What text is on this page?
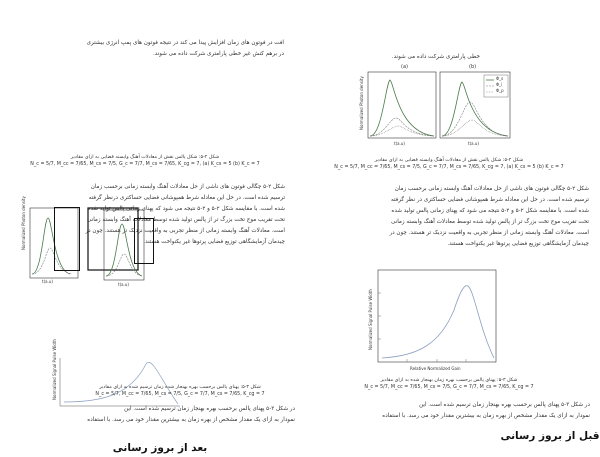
افت در فوتون های زمان افزایش پیدا می کند در نتیجه فوتون های پمپ انرژی بیشتری
در برهم کنش غیر خطی پارامتری شرکت داده می شوند.
شکل ۲-۵: شکل پالس نقش از معادلات آهنگ وابسته فضایی به ازای مقادیر
N_c = 5/7, M_cc = 7/65, M_cs = 7/5, G_c = 7/7, M_cs = 7/65, K_cg = 7, (a) K_cs = 5 (b) K_c = 7
شکل ۲-۵ چگالی فوتون های ناشی از حل معادلات آهنگ وابسته زمانی برحسب زمان
ترسیم شده است. در حل این معادله شرط همپوشانی فضایی حساکتری درنظر گرفته
شده است. با مقایسه شکل ۲-۵ و ۲-۵ نتیجه می شود که پهنای زمانی پالس تولید شده
تحت تقریب موج تخت بزرگ تر از پالس تولید شده توسط معادلات آهنگ وابسته زمانی
است. معادلات آهنگ وابسته زمانی از منظر تجربی به واقعیت نزدیک تر هستند. چون در
چیدمان آزمایشگاهی توزیع فضایی پرتوها غیر یکنواخت هستند.
Normalized Photon density
t(a.u)
t(a.u)
Normalized Signal Pulse Width	شکل ۳-۵: پهنای پالس برحسب بهره بهنجار شده زمان ترسیم شده به ازای مقادیر
N_c = 5/7, M_cc = 7/65, M_cs = 7/5, G_c = 7/7, M_cs = 7/65, K_cg = 7
در شکل ۳-۵ پهنای پالس برحسب بهره بهنجار زمان ترسیم شده است. این
نمودار به ازای یک مقدار مشخص از بهره زمان به بیشترین مقدار خود می رسد. با استفاده
بعد از بروز رسانی
خطی پارامتری شرکت داده می شوند.
(a)	(b)
Normalized Photon density
t(a.u)
Φ_s
Φ_i
Φ_p
t(a.u)
شکل ۲-۵: شکل پالس نقش از معادلات آهنگ وابسته فضایی به ازای مقادیر
N_c = 5/7, M_cc = 7/65, M_cs = 7/5, G_c = 7/7, M_cs = 7/65, K_cg = 7, (a) K_cs = 5 (b) K_c = 7
شکل ۲-۵ چگالی فوتون های ناشی از حل معادلات آهنگ وابسته زمانی برحسب زمان
ترسیم شده است. در حل این معادله شرط همپوشانی فضایی حساکتری در نظر گرفته
شده است. با مقایسه شکل ۲-۵ و ۲-۵ نتیجه می شود که پهنای زمانی پالس تولید شده
تحت تقریب موج تخت بزرگ تر از پالس تولید شده توسط معادلات آهنگ وابسته زمانی
است. معادلات آهنگ وابسته زمانی از منظر تجربی به واقعیت نزدیک تر هستند. چون در
چیدمان آزمایشگاهی توزیع فضایی پرتوها غیر یکنواخت هستند.
Normalized Signal Pulse Width
Relative Normalized Gain
شکل ۳-۵: پهنای پالس برحسب بهره زمان بهنجار شده به ازای مقادیر
N_c = 5/7, M_cc = 7/65, M_cs = 7/5, G_c = 7/7, M_cs = 7/65, K_cg = 7
در شکل ۳-۵ پهنای پالس برحسب بهره بهنجار زمان ترسیم شده است. این
نمودار به ازای یک مقدار مشخص از بهره زمان به بیشترین مقدار خود می رسد. با استفاده
قبل از بروز رسانی
